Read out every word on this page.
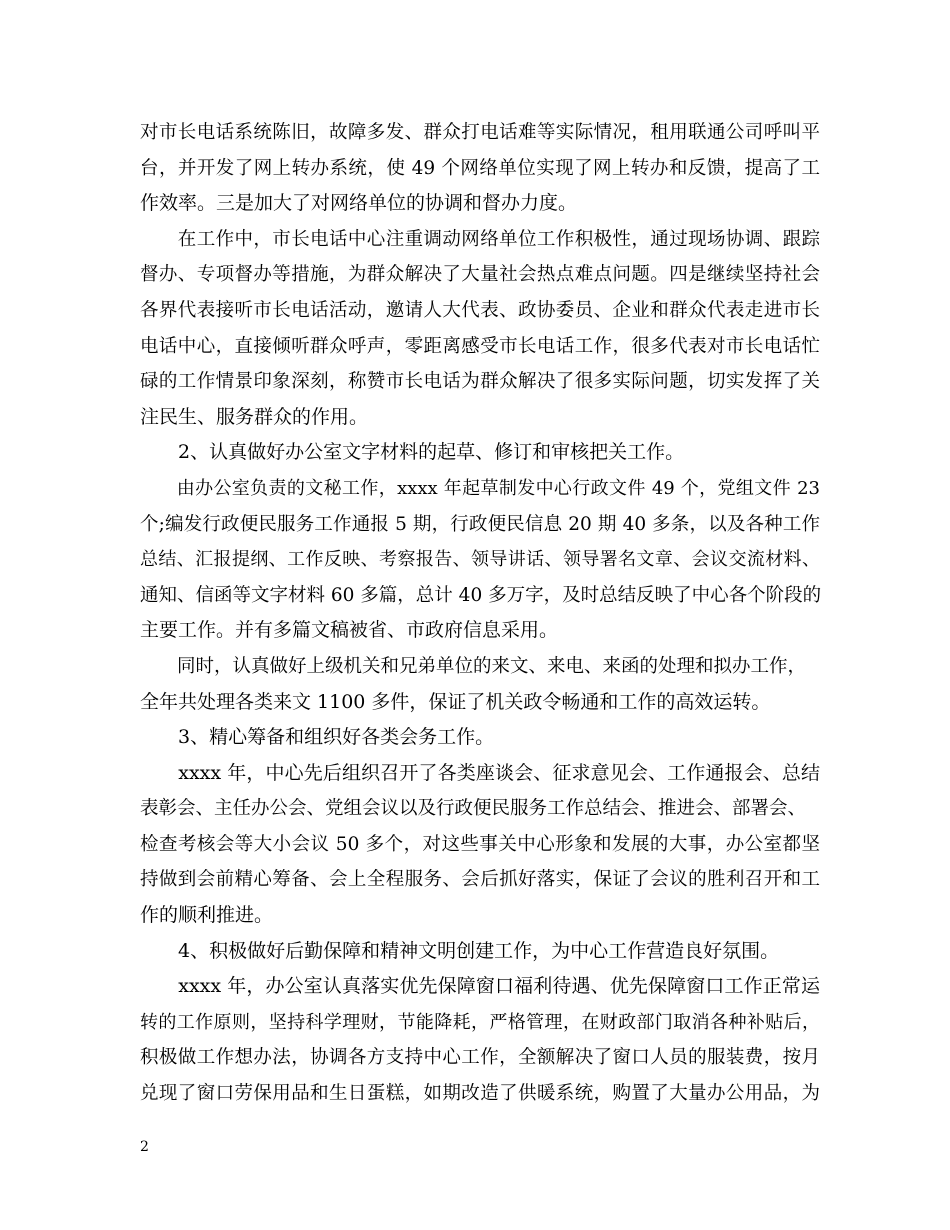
对市长电话系统陈旧，故障多发、群众打电话难等实际情况，租用联通公司呼叫平
台，并开发了网上转办系统，使 49 个网络单位实现了网上转办和反馈，提高了工
作效率。三是加大了对网络单位的协调和督办力度。
　　在工作中，市长电话中心注重调动网络单位工作积极性，通过现场协调、跟踪
督办、专项督办等措施，为群众解决了大量社会热点难点问题。四是继续坚持社会
各界代表接听市长电话活动，邀请人大代表、政协委员、企业和群众代表走进市长
电话中心，直接倾听群众呼声，零距离感受市长电话工作，很多代表对市长电话忙
碌的工作情景印象深刻，称赞市长电话为群众解决了很多实际问题，切实发挥了关
注民生、服务群众的作用。
　　2、认真做好办公室文字材料的起草、修订和审核把关工作。
　　由办公室负责的文秘工作，xxxx 年起草制发中心行政文件 49 个，党组文件 23
个;编发行政便民服务工作通报 5 期，行政便民信息 20 期 40 多条，以及各种工作
总结、汇报提纲、工作反映、考察报告、领导讲话、领导署名文章、会议交流材料、
通知、信函等文字材料 60 多篇，总计 40 多万字，及时总结反映了中心各个阶段的
主要工作。并有多篇文稿被省、市政府信息采用。
　　同时，认真做好上级机关和兄弟单位的来文、来电、来函的处理和拟办工作，
全年共处理各类来文 1100 多件，保证了机关政令畅通和工作的高效运转。
　　3、精心筹备和组织好各类会务工作。
　　xxxx 年，中心先后组织召开了各类座谈会、征求意见会、工作通报会、总结
表彰会、主任办公会、党组会议以及行政便民服务工作总结会、推进会、部署会、
检查考核会等大小会议 50 多个，对这些事关中心形象和发展的大事，办公室都坚
持做到会前精心筹备、会上全程服务、会后抓好落实，保证了会议的胜利召开和工
作的顺利推进。
　　4、积极做好后勤保障和精神文明创建工作，为中心工作营造良好氛围。
　　xxxx 年，办公室认真落实优先保障窗口福利待遇、优先保障窗口工作正常运
转的工作原则，坚持科学理财，节能降耗，严格管理，在财政部门取消各种补贴后，
积极做工作想办法，协调各方支持中心工作，全额解决了窗口人员的服装费，按月
兑现了窗口劳保用品和生日蛋糕，如期改造了供暖系统，购置了大量办公用品，为
2
